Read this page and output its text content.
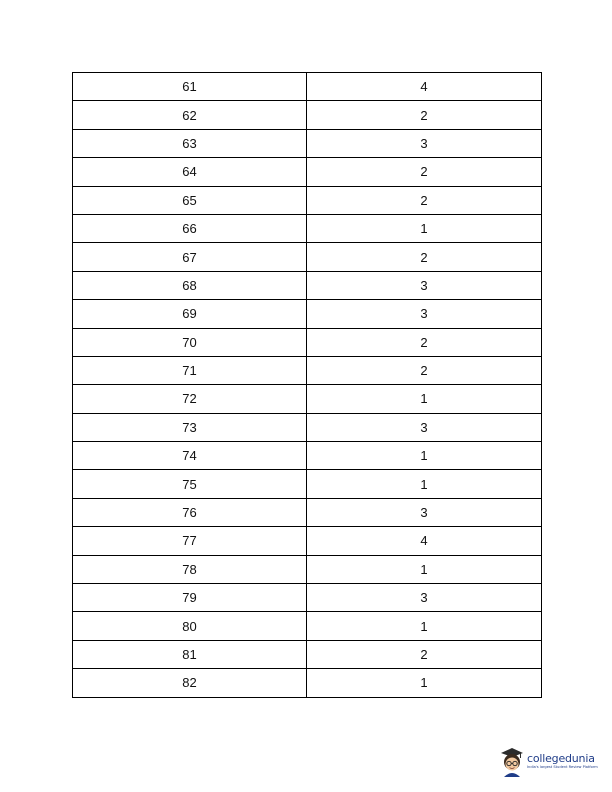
61	4
62	2
63	3
64	2
65	2
66	1
67	2
68	3
69	3
70	2
71	2
72	1
73	3
74	1
75	1
76	3
77	4
78	1
79	3
80	1
81	2
82	1
collegedunia
India's largest Student Review Platform
